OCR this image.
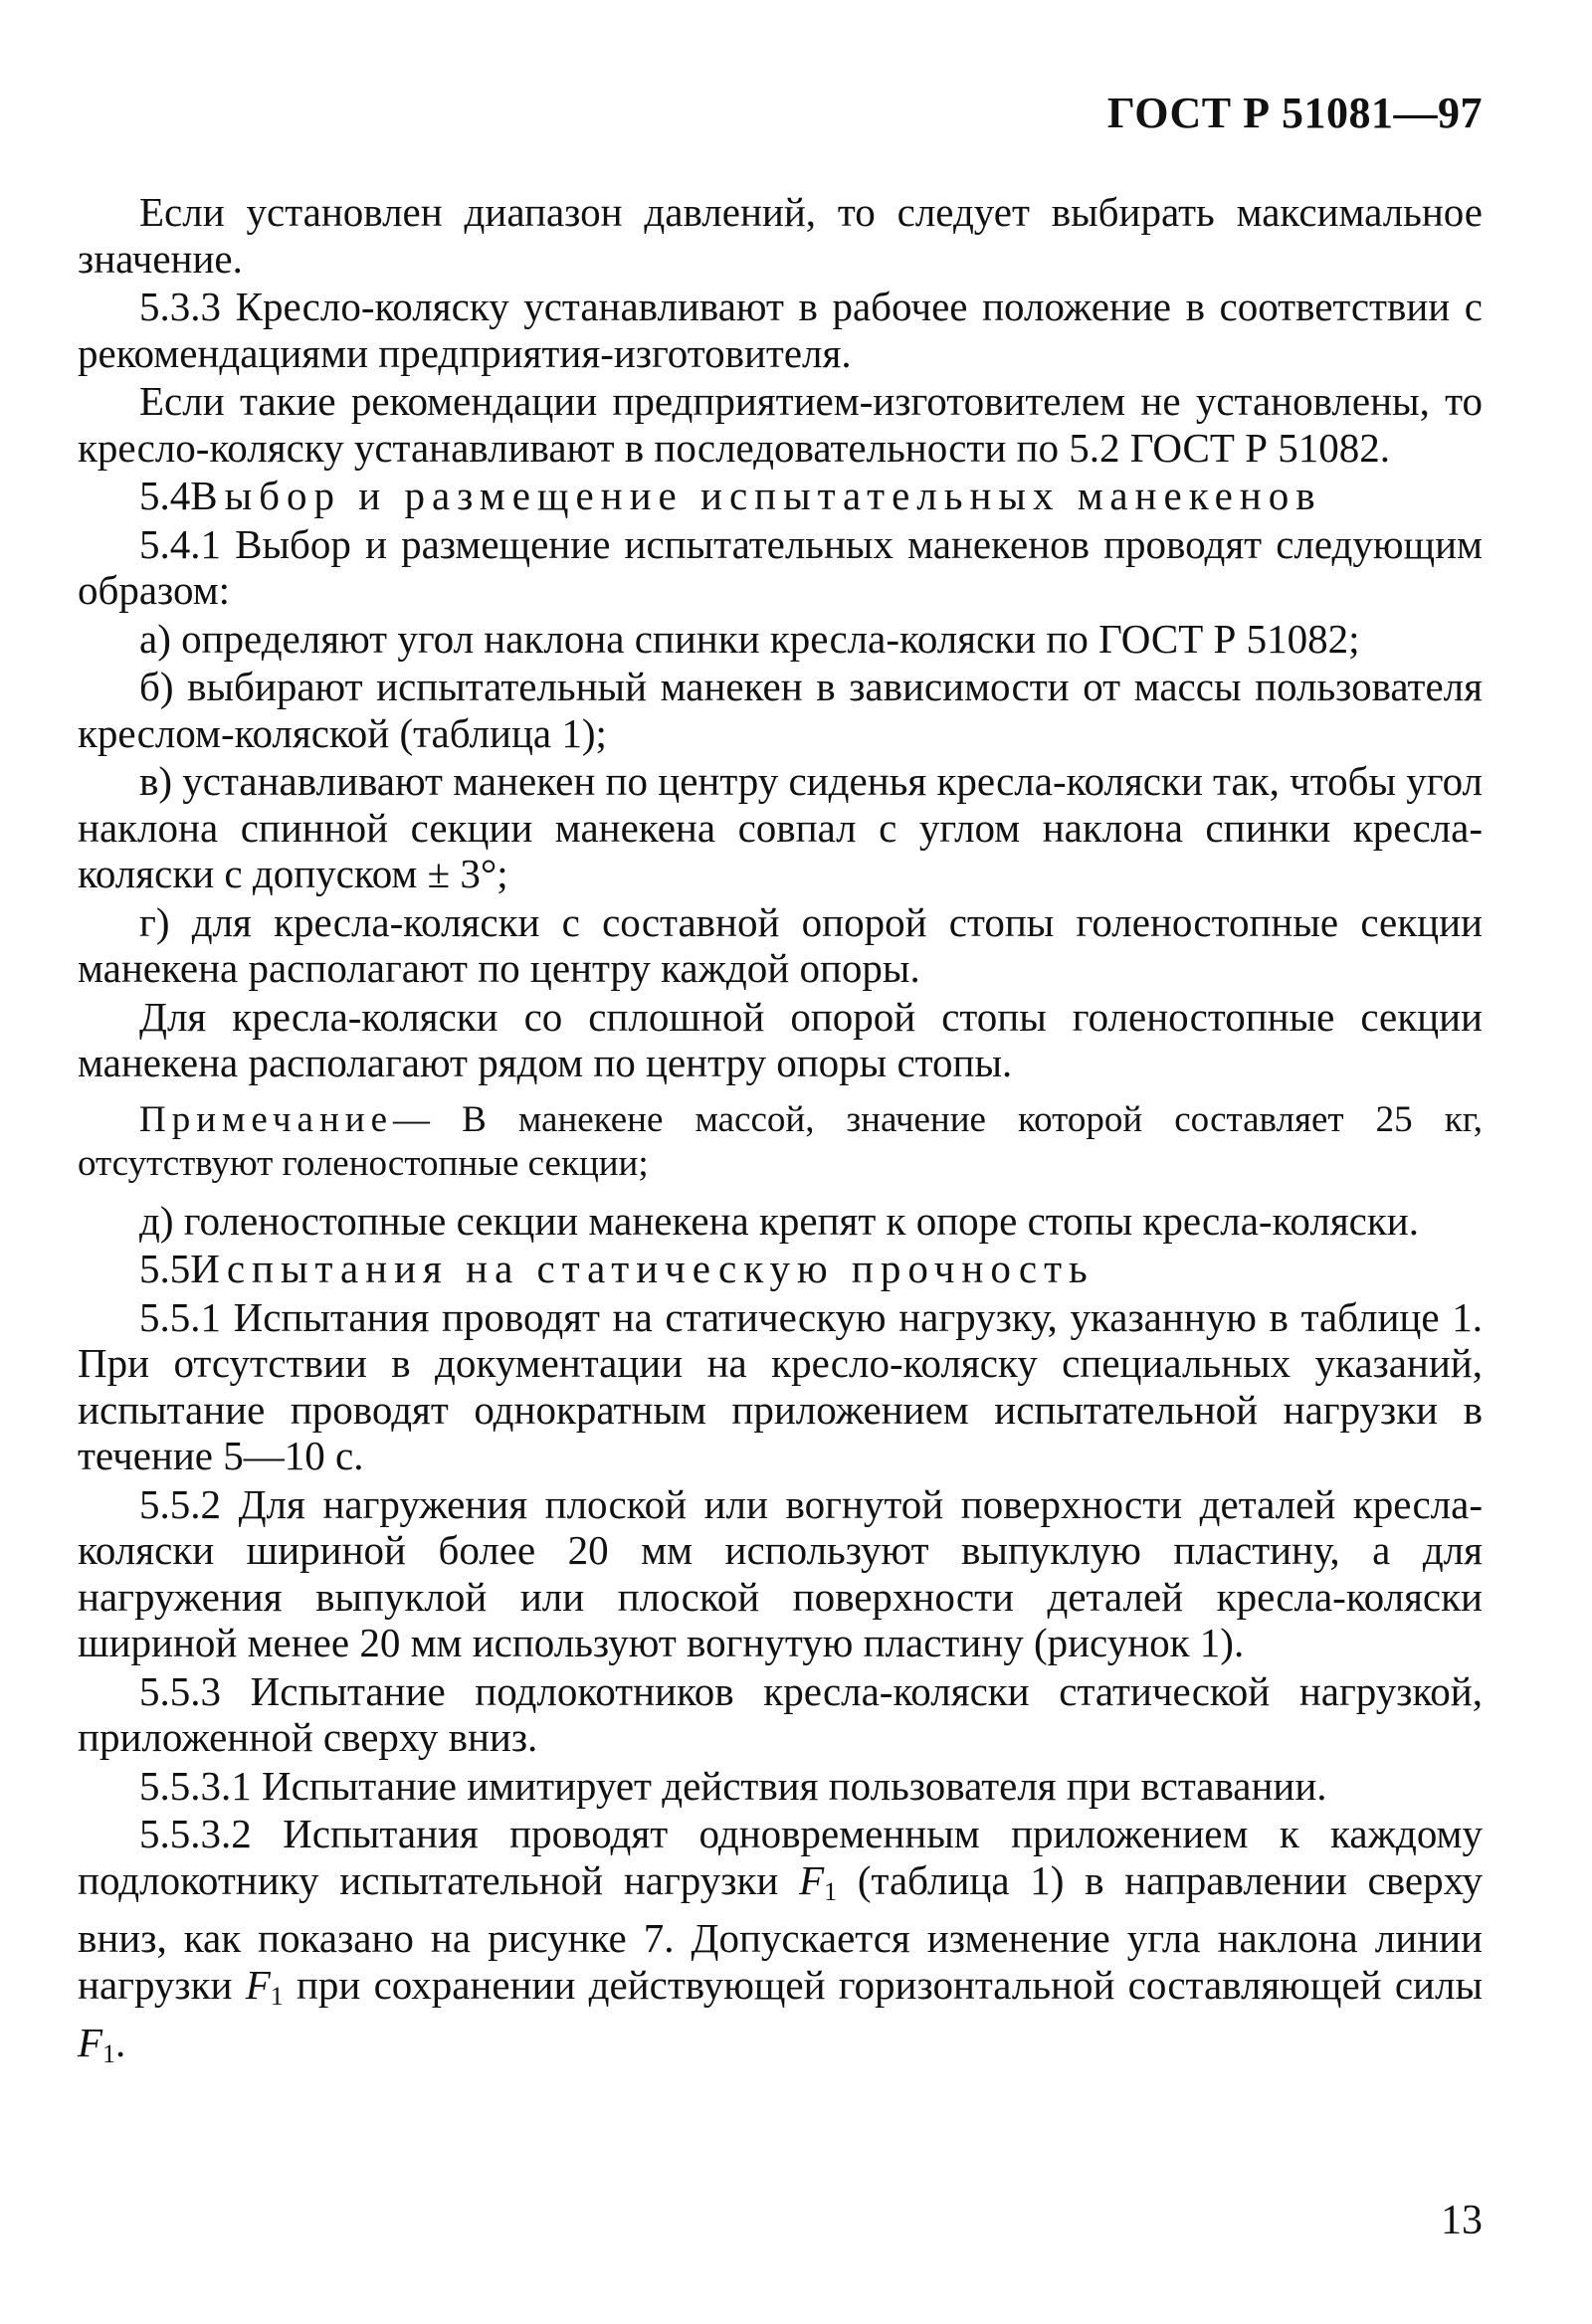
ГОСТ Р 51081—97

Если установлен диапазон давлений, то следует выбирать максимальное значение.

5.3.3 Кресло-коляску устанавливают в рабочее положение в соответствии с рекомендациями предприятия-изготовителя.

Если такие рекомендации предприятием-изготовителем не установлены, то кресло-коляску устанавливают в последовательности по 5.2 ГОСТ Р 51082.

5.4Выбор и размещение испытательных манекенов

5.4.1 Выбор и размещение испытательных манекенов проводят следующим образом:

а) определяют угол наклона спинки кресла-коляски по ГОСТ Р 51082;

б) выбирают испытательный манекен в зависимости от массы пользователя креслом-коляской (таблица 1);

в) устанавливают манекен по центру сиденья кресла-коляски так, чтобы угол наклона спинной секции манекена совпал с углом наклона спинки кресла-коляски с допуском ± 3°;

г) для кресла-коляски с составной опорой стопы голеностопные секции манекена располагают по центру каждой опоры.

Для кресла-коляски со сплошной опорой стопы голеностопные секции манекена располагают рядом по центру опоры стопы.

Примечание— В манекене массой, значение которой составляет 25 кг, отсутствуют голеностопные секции;

д) голеностопные секции манекена крепят к опоре стопы кресла-коляски.

5.5Испытания на статическую прочность

5.5.1 Испытания проводят на статическую нагрузку, указанную в таблице 1. При отсутствии в документации на кресло-коляску специальных указаний, испытание проводят однократным приложением испытательной нагрузки в течение 5—10 с.

5.5.2 Для нагружения плоской или вогнутой поверхности деталей кресла-коляски шириной более 20 мм используют выпуклую пластину, а для нагружения выпуклой или плоской поверхности деталей кресла-коляски шириной менее 20 мм используют вогнутую пластину (рисунок 1).

5.5.3 Испытание подлокотников кресла-коляски статической нагрузкой, приложенной сверху вниз.

5.5.3.1 Испытание имитирует действия пользователя при вставании.

5.5.3.2 Испытания проводят одновременным приложением к каждому подлокотнику испытательной нагрузки $F_1$ (таблица 1) в направлении сверху вниз, как показано на рисунке 7. Допускается изменение угла наклона линии нагрузки $F_1$ при сохранении действующей горизонтальной составляющей силы $F_1$.

13
